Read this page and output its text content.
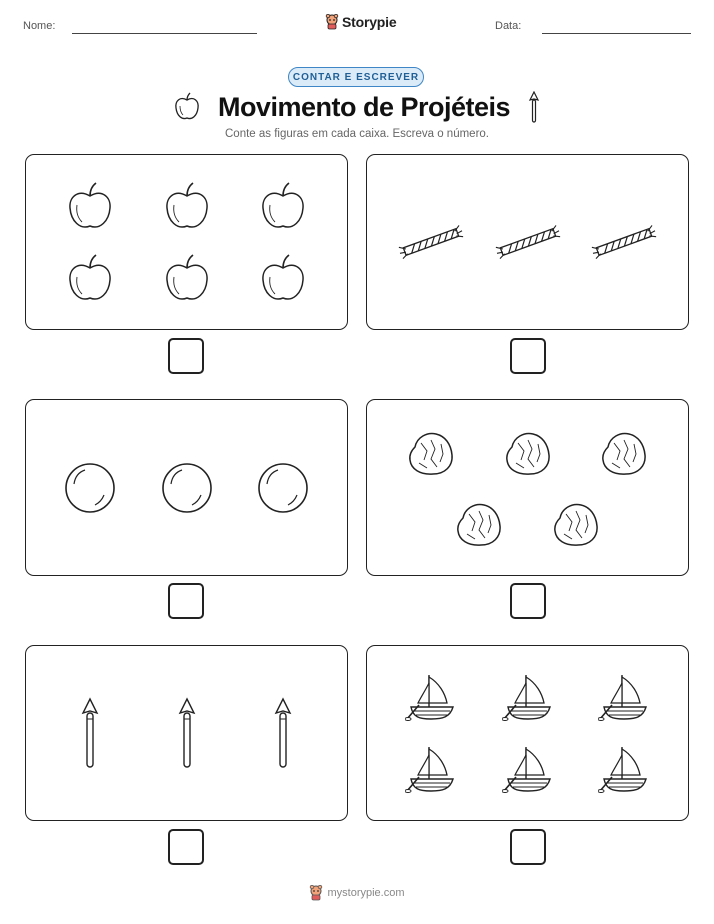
Nome:	Storypie	Data:
CONTAR E ESCREVER
Movimento de Projéteis
Conte as figuras em cada caixa. Escreva o número.
mystorypie.com
